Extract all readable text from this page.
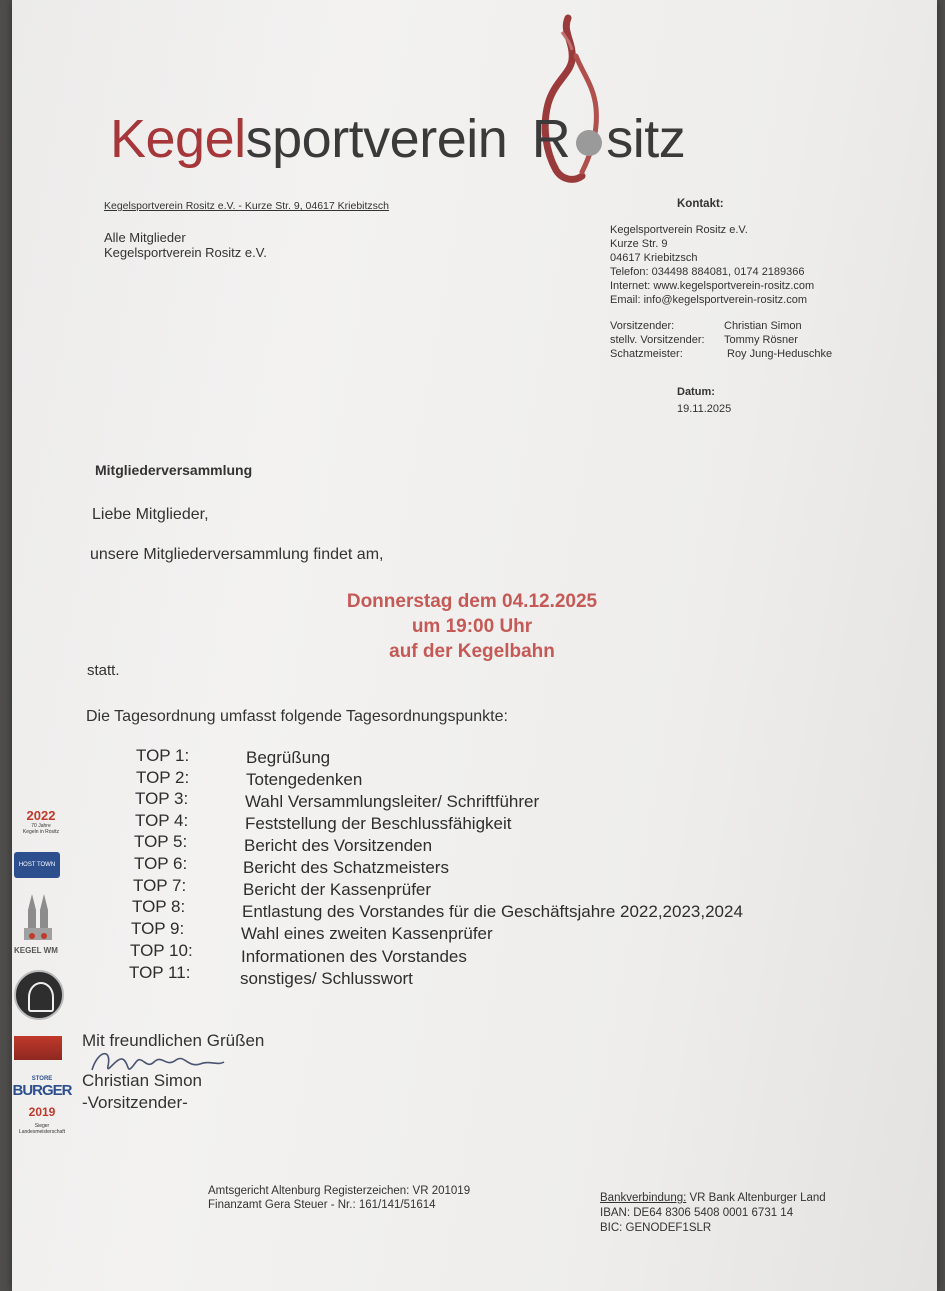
Kegelsportverein R sitz
Kegelsportverein Rositz e.V. - Kurze Str. 9, 04617 Kriebitzsch
Alle Mitglieder
Kegelsportverein Rositz e.V.
Kontakt:
Kegelsportverein Rositz e.V.
Kurze Str. 9
04617 Kriebitzsch
Telefon: 034498 884081, 0174 2189366
Internet: www.kegelsportverein-rositz.com
Email: info@kegelsportverein-rositz.com
Vorsitzender:	Christian Simon
stellv. Vorsitzender: Tommy Rösner
Schatzmeister:	Roy Jung-Heduschke
Datum:
19.11.2025
Mitgliederversammlung
Liebe Mitglieder,
unsere Mitgliederversammlung findet am,
Donnerstag dem 04.12.2025
um 19:00 Uhr
auf der Kegelbahn
statt.
Die Tagesordnung umfasst folgende Tagesordnungspunkte:
TOP 1:	Begrüßung
TOP 2:	Totengedenken
TOP 3:	Wahl Versammlungsleiter/ Schriftführer
TOP 4:	Feststellung der Beschlussfähigkeit
TOP 5:	Bericht des Vorsitzenden
TOP 6:	Bericht des Schatzmeisters
TOP 7:	Bericht der Kassenprüfer
TOP 8:	Entlastung des Vorstandes für die Geschäftsjahre 2022,2023,2024
TOP 9:	Wahl eines zweiten Kassenprüfer
TOP 10:	Informationen des Vorstandes
TOP 11:	sonstiges/ Schlusswort
Mit freundlichen Grüßen
Christian Simon
-Vorsitzender-
Amtsgericht Altenburg Registerzeichen: VR 201019
Finanzamt Gera Steuer - Nr.: 161/141/51614
Bankverbindung: VR Bank Altenburger Land
IBAN: DE64 8306 5408 0001 6731 14
BIC: GENODEF1SLR
2022
70 Jahre
Kegeln in Rositz
HOST TOWN
KEGEL WM
STORE
BURGER
2019
Sieger
Landesmeisterschaft
